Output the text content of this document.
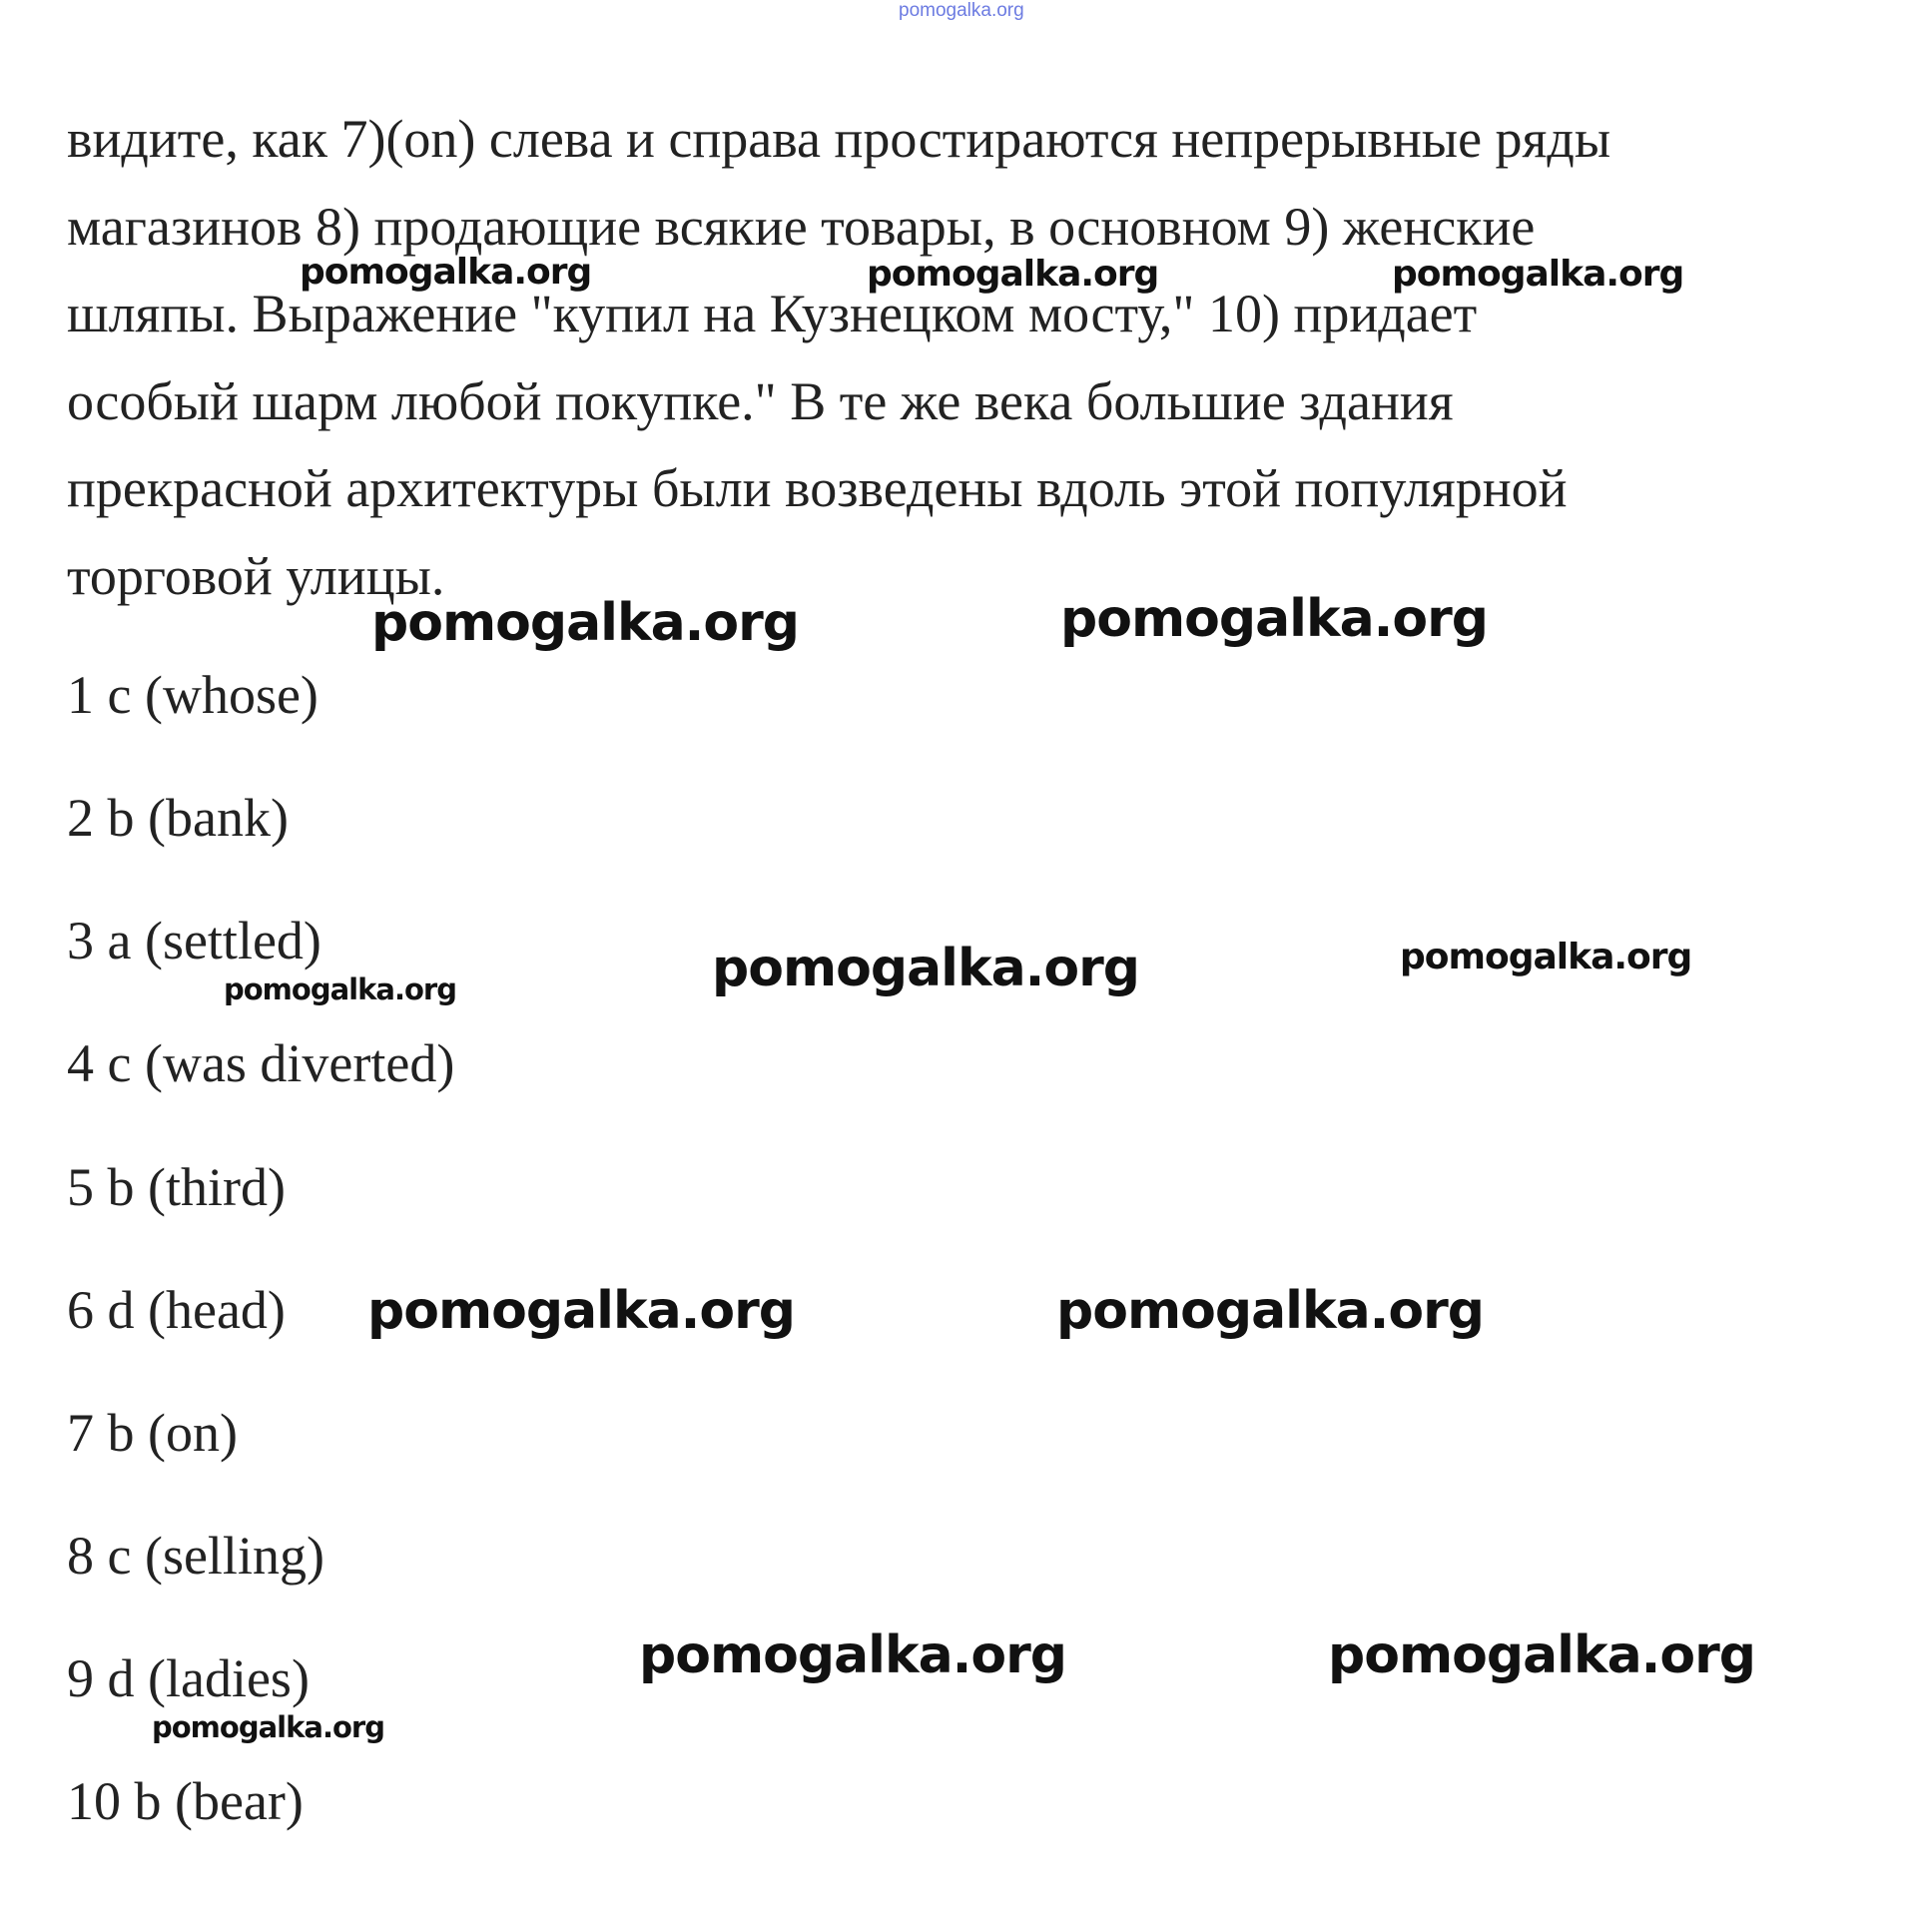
pomogalka.org
видите, как 7)(on) слева и справа простираются непрерывные ряды
магазинов 8) продающие всякие товары, в основном 9) женские
шляпы. Выражение "купил на Кузнецком мосту," 10) придает
особый шарм любой покупке." В те же века большие здания
прекрасной архитектуры были возведены вдоль этой популярной
торговой улицы.
1 c (whose)
2 b (bank)
3 a (settled)
4 c (was diverted)
5 b (third)
6 d (head)
7 b (on)
8 c (selling)
9 d (ladies)
10 b (bear)
pomogalka.org	pomogalka.org	pomogalka.org
pomogalka.org	pomogalka.org
pomogalka.org	pomogalka.org	pomogalka.org
pomogalka.org	pomogalka.org
pomogalka.org	pomogalka.org
pomogalka.org
